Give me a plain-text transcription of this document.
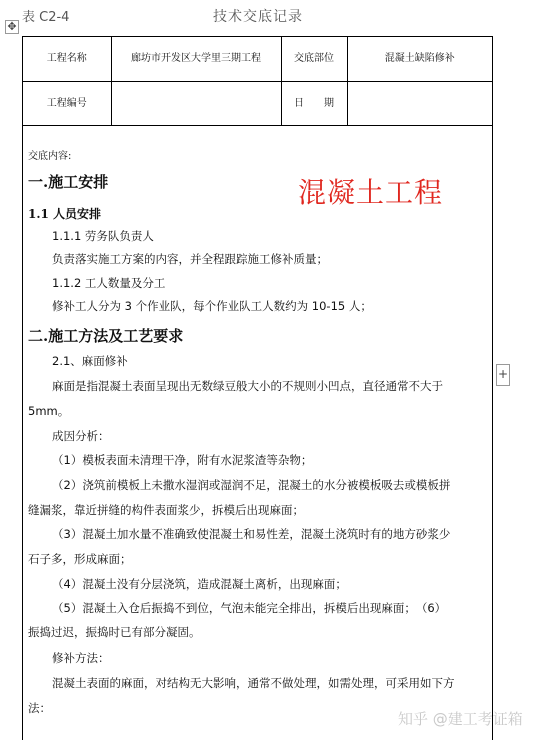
表 C2-4	技术交底记录
✥
+
工程名称	廊坊市开发区大学里三期工程	交底部位	混凝土缺陷修补
工程编号		日　　期	
交底内容:
混凝土工程
一.施工安排
1.1 人员安排
1.1.1 劳务队负责人
负责落实施工方案的内容，并全程跟踪施工修补质量；
1.1.2 工人数量及分工
修补工人分为 3 个作业队，每个作业队工人数约为 10-15 人；
二.施工方法及工艺要求
2.1、麻面修补
麻面是指混凝土表面呈现出无数绿豆般大小的不规则小凹点，直径通常不大于
5mm。
成因分析：
（1）模板表面未清理干净，附有水泥浆渣等杂物；
（2）浇筑前模板上未撒水湿润或湿润不足，混凝土的水分被模板吸去或模板拼
缝漏浆，靠近拼缝的构件表面浆少，拆模后出现麻面；
（3）混凝土加水量不准确致使混凝土和易性差，混凝土浇筑时有的地方砂浆少
石子多，形成麻面；
（4）混凝土没有分层浇筑，造成混凝土离析，出现麻面；
（5）混凝土入仓后振捣不到位，气泡未能完全排出，拆模后出现麻面；　（6）
振捣过迟，振捣时已有部分凝固。
修补方法：
混凝土表面的麻面，对结构无大影响，通常不做处理，如需处理，可采用如下方
法：
知乎 @建工考证箱
